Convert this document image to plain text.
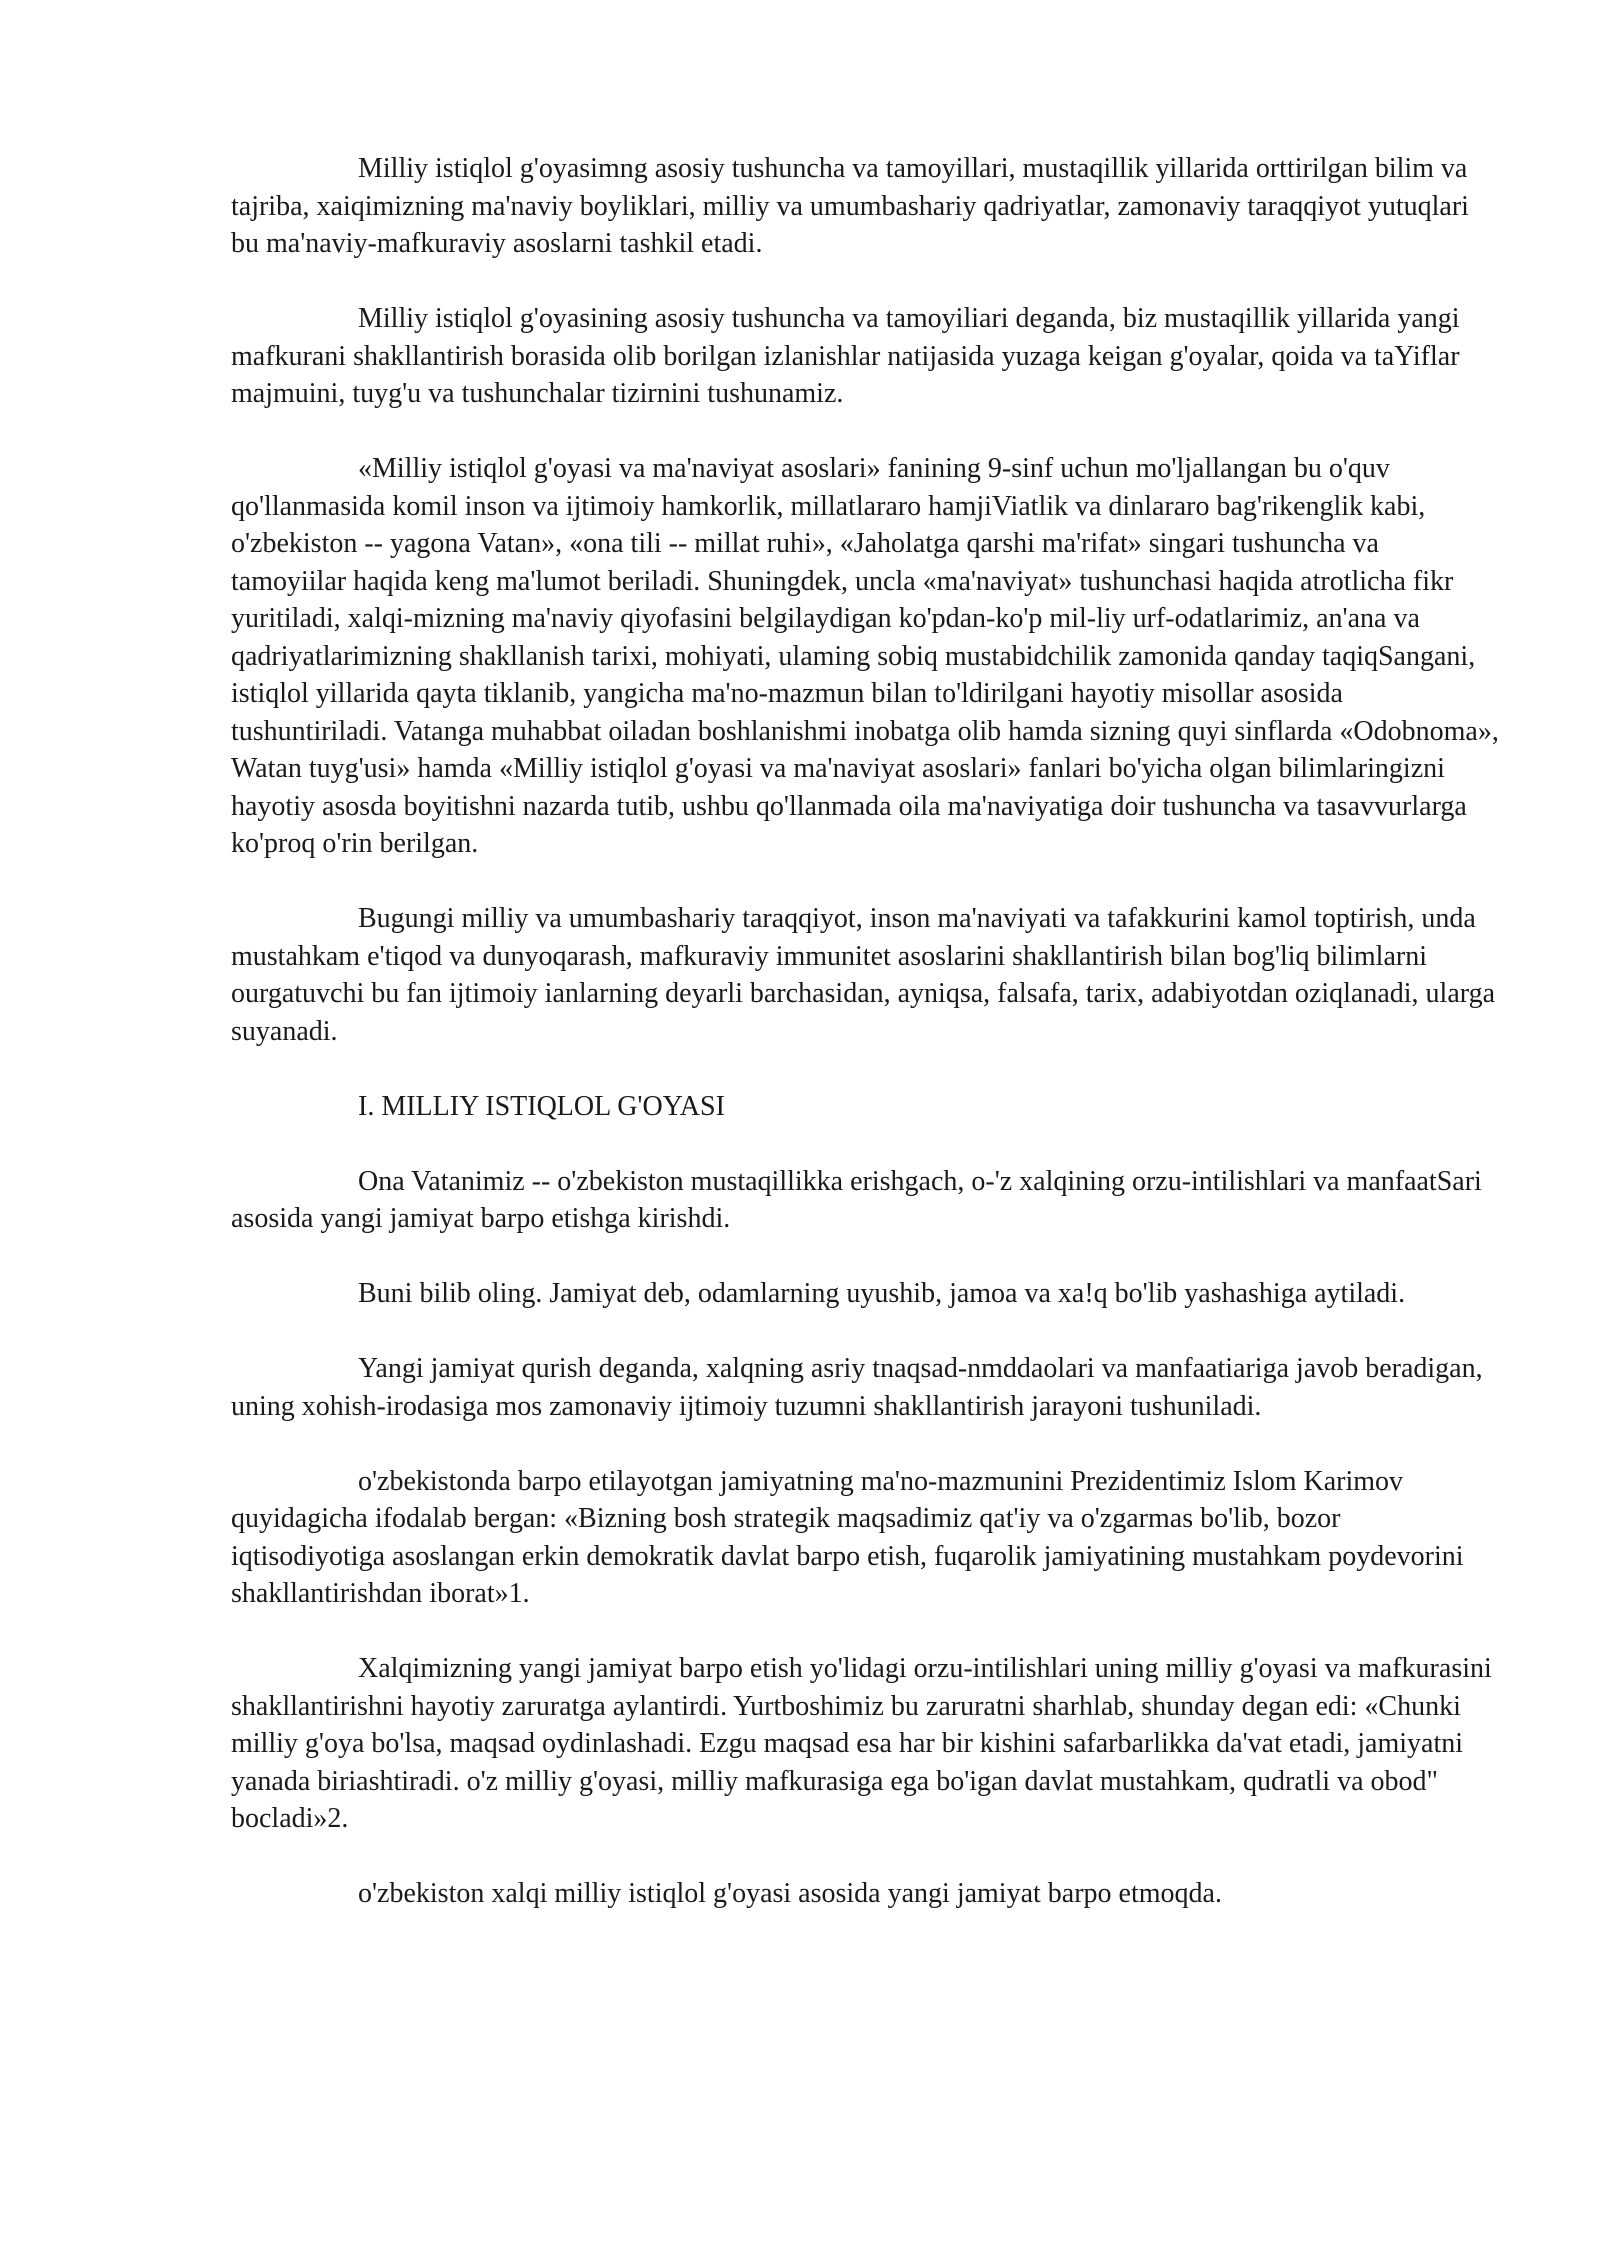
Milliy istiqlol g'oyasimng asosiy tushuncha va tamoyillari, mustaqillik yillarida orttirilgan bilim va tajriba, xaiqimizning ma'naviy boyliklari, milliy va umumbashariy qadriyatlar, zamonaviy taraqqiyot yutuqlari bu ma'naviy-mafkuraviy asoslarni tashkil etadi.

Milliy istiqlol g'oyasining asosiy tushuncha va tamoyiliari deganda, biz mustaqillik yillarida yangi mafkurani shakllantirish borasida olib borilgan izlanishlar natijasida yuzaga keigan g'oyalar, qoida va taYiflar majmuini, tuyg'u va tushunchalar tizirnini tushunamiz.

«Milliy istiqlol g'oyasi va ma'naviyat asoslari» fanining 9-sinf uchun mo'ljallangan bu o'quv qo'llanmasida komil inson va ijtimoiy hamkorlik, millatlararo hamjiViatlik va dinlararo bag'rikenglik kabi, o'zbekiston -- yagona Vatan», «ona tili -- millat ruhi», «Jaholatga qarshi ma'rifat» singari tushuncha va tamoyiilar haqida keng ma'lumot beriladi. Shuningdek, uncla «ma'naviyat» tushunchasi haqida atrotlicha fikr yuritiladi, xalqi-mizning ma'naviy qiyofasini belgilaydigan ko'pdan-ko'p mil-liy urf-odatlarimiz, an'ana va qadriyatlarimizning shakllanish tarixi, mohiyati, ulaming sobiq mustabidchilik zamonida qanday taqiqSangani, istiqlol yillarida qayta tiklanib, yangicha ma'no-mazmun bilan to'ldirilgani hayotiy misollar asosida tushuntiriladi. Vatanga muhabbat oiladan boshlanishmi inobatga olib hamda sizning quyi sinflarda «Odobnoma», Watan tuyg'usi» hamda «Milliy istiqlol g'oyasi va ma'naviyat asoslari» fanlari bo'yicha olgan bilimlaringizni hayotiy asosda boyitishni nazarda tutib, ushbu qo'llanmada oila ma'naviyatiga doir tushuncha va tasavvurlarga ko'proq o'rin berilgan.

Bugungi milliy va umumbashariy taraqqiyot, inson ma'naviyati va tafakkurini kamol toptirish, unda mustahkam e'tiqod va dunyoqarash, mafkuraviy immunitet asoslarini shakllantirish bilan bog'liq bilimlarni ourgatuvchi bu fan ijtimoiy ianlarning deyarli barchasidan, ayniqsa, falsafa, tarix, adabiyotdan oziqlanadi, ularga suyanadi.

I. MILLIY ISTIQLOL G'OYASI

Ona Vatanimiz -- o'zbekiston mustaqillikka erishgach, o-'z xalqining orzu-intilishlari va manfaatSari asosida yangi jamiyat barpo etishga kirishdi.

Buni bilib oling. Jamiyat deb, odamlarning uyushib, jamoa va xa!q bo'lib yashashiga aytiladi.

Yangi jamiyat qurish deganda, xalqning asriy tnaqsad-nmddaolari va manfaatiariga javob beradigan, uning xohish-irodasiga mos zamonaviy ijtimoiy tuzumni shakllantirish jarayoni tushuniladi.

o'zbekistonda barpo etilayotgan jamiyatning ma'no-mazmunini Prezidentimiz Islom Karimov quyidagicha ifodalab bergan: «Bizning bosh strategik maqsadimiz qat'iy va o'zgarmas bo'lib, bozor iqtisodiyotiga asoslangan erkin demokratik davlat barpo etish, fuqarolik jamiyatining mustahkam poydevorini shakllantirishdan iborat»1.

Xalqimizning yangi jamiyat barpo etish yo'lidagi orzu-intilishlari uning milliy g'oyasi va mafkurasini shakllantirishni hayotiy zaruratga aylantirdi. Yurtboshimiz bu zaruratni sharhlab, shunday degan edi: «Chunki milliy g'oya bo'lsa, maqsad oydinlashadi. Ezgu maqsad esa har bir kishini safarbarlikka da'vat etadi, jamiyatni yanada biriashtiradi. o'z milliy g'oyasi, milliy mafkurasiga ega bo'igan davlat mustahkam, qudratli va obod" bocladi»2.

o'zbekiston xalqi milliy istiqlol g'oyasi asosida yangi jamiyat barpo etmoqda.
